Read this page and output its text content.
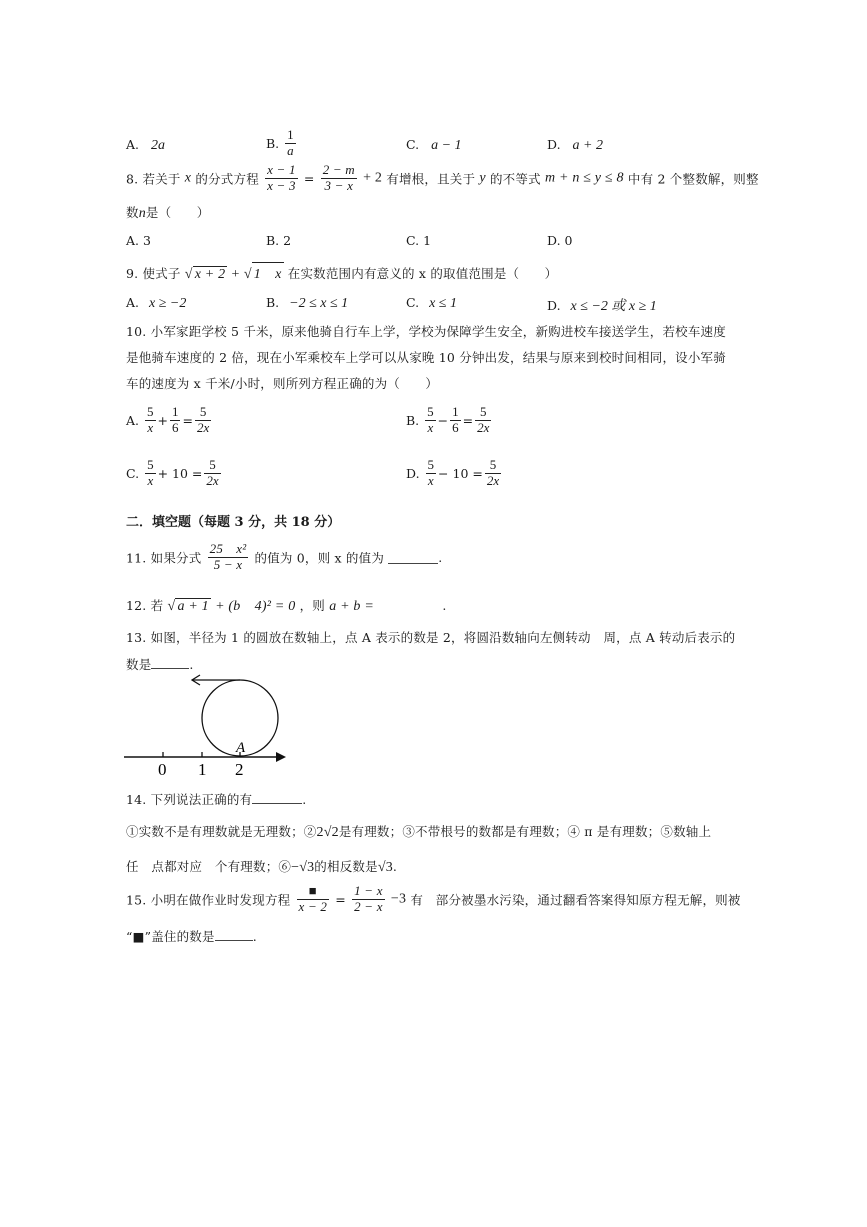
A. 2a	B. $\frac{1}{a}$	C. a − 1	D. a + 2
8. 若关于 x 的分式方程 $\frac{x - 1}{x - 3} = \frac{2 - m}{3 - x} + 2$ 有增根，且关于 y 的不等式 m + n ≤ y ≤ 8 中有 2 个整数解，则整
数n是（　　）
A. 3	B. 2	C. 1	D. 0
9. 使式子 √ x + 2 + √ 1　x 在实数范围内有意义的 x 的取值范围是（　　）
A. x ≥ −2	B. −2 ≤ x ≤ 1	C. x ≤ 1	D. x ≤ −2 或 x ≥ 1
10. 小军家距学校 5 千米，原来他骑自行车上学，学校为保障学生安全，新购进校车接送学生，若校车速度
是他骑车速度的 2 倍，现在小军乘校车上学可以从家晚 10 分钟出发，结果与原来到校时间相同，设小军骑
车的速度为 x 千米/小时，则所列方程正确的为（　　）
A. $\frac{5}{x} + \frac{1}{6} = \frac{5}{2x}$	B. $\frac{5}{x} - \frac{1}{6} = \frac{5}{2x}$
C. $\frac{5}{x} + 10 = \frac{5}{2x}$	D. $\frac{5}{x} - 10 = \frac{5}{2x}$
二．填空题（每题 3 分，共 18 分）
11. 如果分式 $\frac{\text{25　x²}}{5 - x}$ 的值为 0，则 x 的值为	.
12. 若 √ a + 1 + (b　4)² = 0 ，则 a + b =	.
13. 如图，半径为 1 的圆放在数轴上，点 A 表示的数是 2，将圆沿数轴向左侧转动　周，点 A 转动后表示的
数是	.
0 1 2
A
14. 下列说法正确的有	.
①实数不是有理数就是无理数；②2√2是有理数；③不带根号的数都是有理数；④ π 是有理数；⑤数轴上
任　点都对应　个有理数；⑥−√3的相反数是√3.
15. 小明在做作业时发现方程 $\frac{■}{x - 2} = \frac{1 - x}{2 - x} -3$ 有　部分被墨水污染，通过翻看答案得知原方程无解，则被
“■”盖住的数是	.
